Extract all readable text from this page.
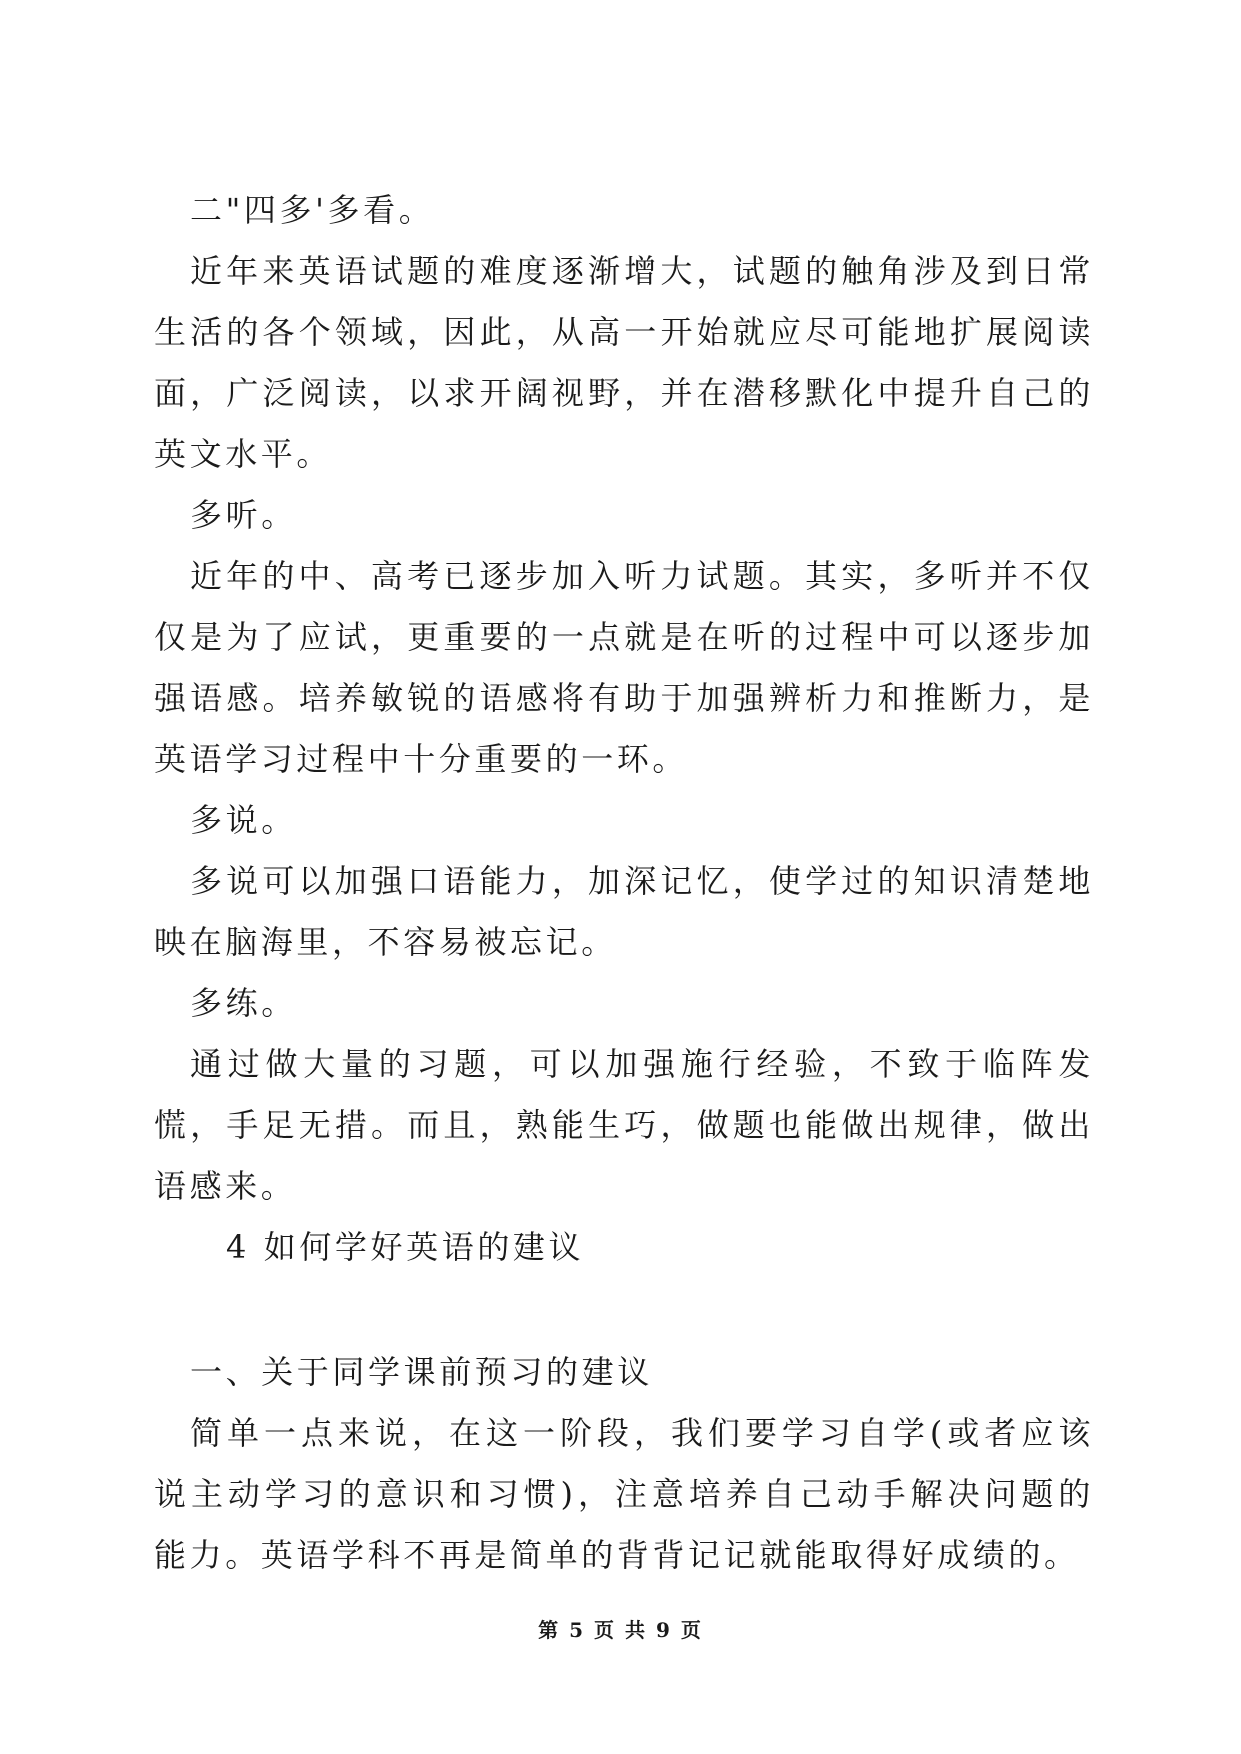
二"四多'多看。

近年来英语试题的难度逐渐增大，试题的触角涉及到日常生活的各个领域，因此，从高一开始就应尽可能地扩展阅读面，广泛阅读，以求开阔视野，并在潜移默化中提升自己的英文水平。

多听。

近年的中、高考已逐步加入听力试题。其实，多听并不仅仅是为了应试，更重要的一点就是在听的过程中可以逐步加强语感。培养敏锐的语感将有助于加强辨析力和推断力，是英语学习过程中十分重要的一环。

多说。

多说可以加强口语能力，加深记忆，使学过的知识清楚地映在脑海里，不容易被忘记。

多练。

通过做大量的习题，可以加强施行经验，不致于临阵发慌，手足无措。而且，熟能生巧，做题也能做出规律，做出语感来。

4 如何学好英语的建议

一、关于同学课前预习的建议

简单一点来说，在这一阶段，我们要学习自学(或者应该说主动学习的意识和习惯)，注意培养自己动手解决问题的能力。英语学科不再是简单的背背记记就能取得好成绩的。

第 5 页 共 9 页
